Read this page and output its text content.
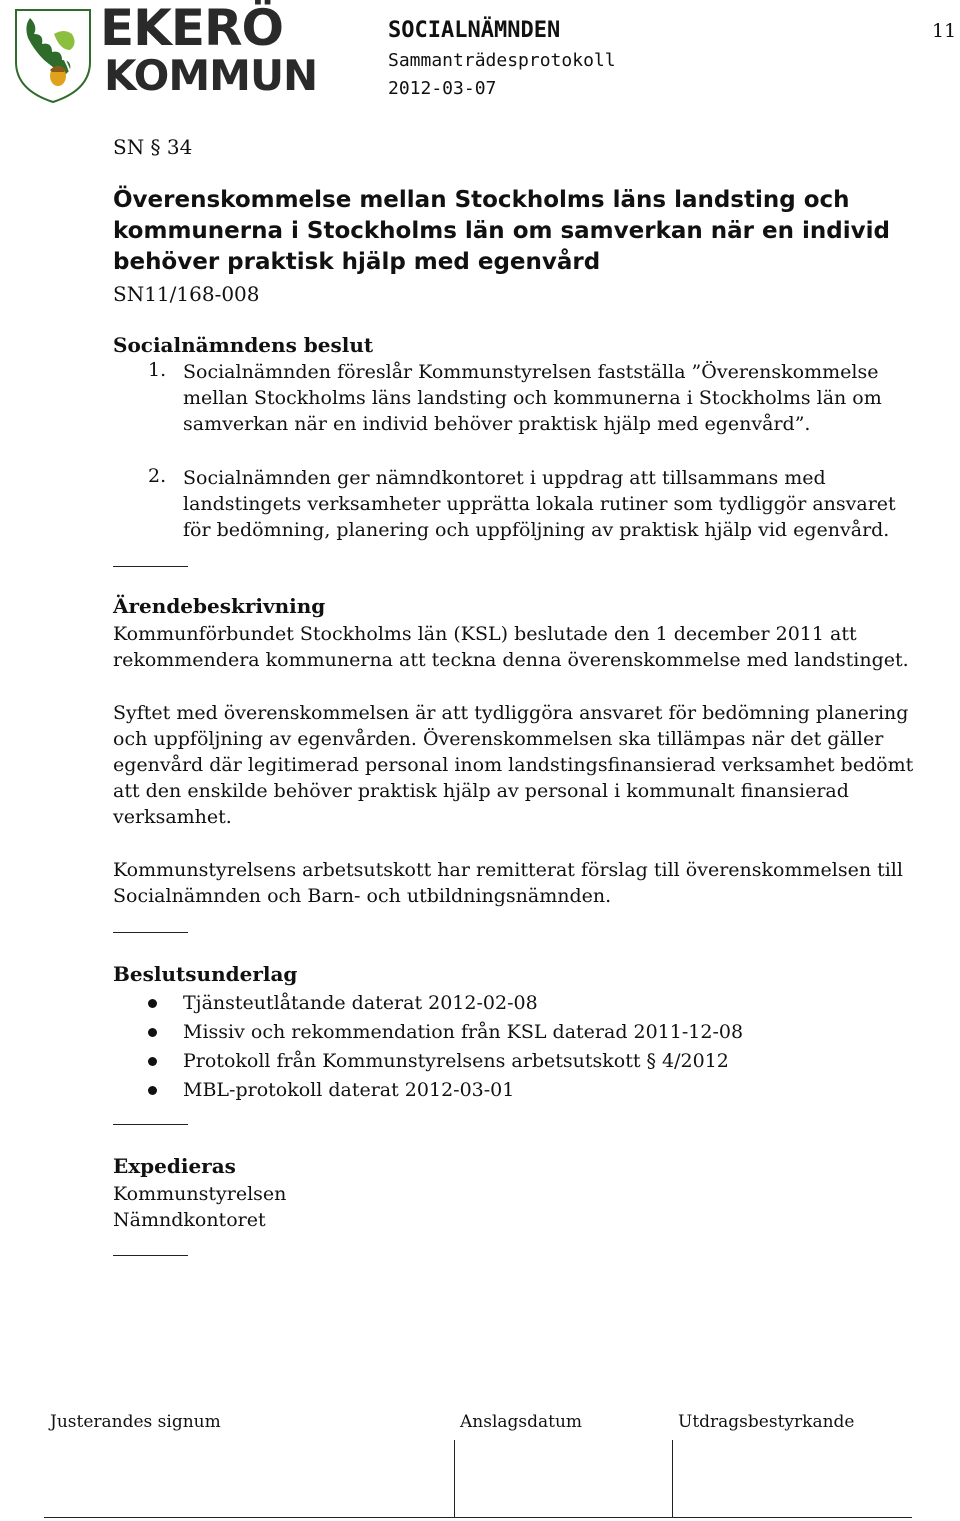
EKERÖ
KOMMUN
SOCIALNÄMNDEN
Sammanträdesprotokoll
2012-03-07
11
SN § 34
Överenskommelse mellan Stockholms läns landsting och
kommunerna i Stockholms län om samverkan när en individ
behöver praktisk hjälp med egenvård
SN11/168-008
Socialnämndens beslut
1. Socialnämnden föreslår Kommunstyrelsen fastställa ”Överenskommelse
mellan Stockholms läns landsting och kommunerna i Stockholms län om
samverkan när en individ behöver praktisk hjälp med egenvård”.
2. Socialnämnden ger nämndkontoret i uppdrag att tillsammans med
landstingets verksamheter upprätta lokala rutiner som tydliggör ansvaret
för bedömning, planering och uppföljning av praktisk hjälp vid egenvård.
Ärendebeskrivning
Kommunförbundet Stockholms län (KSL) beslutade den 1 december 2011 att
rekommendera kommunerna att teckna denna överenskommelse med landstinget.
Syftet med överenskommelsen är att tydliggöra ansvaret för bedömning planering
och uppföljning av egenvården. Överenskommelsen ska tillämpas när det gäller
egenvård där legitimerad personal inom landstingsfinansierad verksamhet bedömt
att den enskilde behöver praktisk hjälp av personal i kommunalt finansierad
verksamhet.
Kommunstyrelsens arbetsutskott har remitterat förslag till överenskommelsen till
Socialnämnden och Barn- och utbildningsnämnden.
Beslutsunderlag
Tjänsteutlåtande daterat 2012-02-08
Missiv och rekommendation från KSL daterad 2011-12-08
Protokoll från Kommunstyrelsens arbetsutskott § 4/2012
MBL-protokoll daterat 2012-03-01
Expedieras
Kommunstyrelsen
Nämndkontoret
Justerandes signum	Anslagsdatum	Utdragsbestyrkande
